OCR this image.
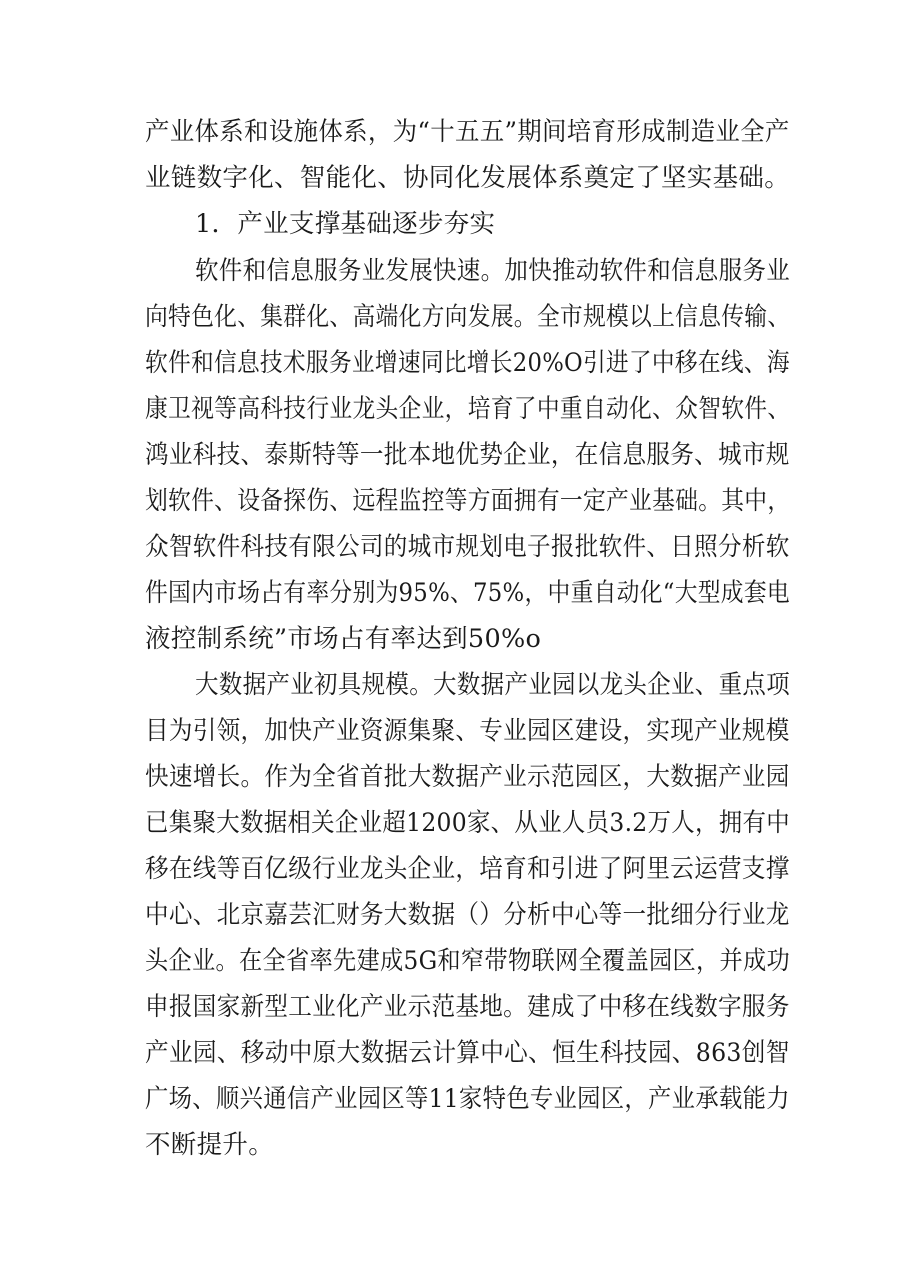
产业体系和设施体系，为“十五五”期间培育形成制造业全产
业链数字化、智能化、协同化发展体系奠定了坚实基础。
1．产业支撑基础逐步夯实
软件和信息服务业发展快速。加快推动软件和信息服务业
向特色化、集群化、高端化方向发展。全市规模以上信息传输、
软件和信息技术服务业增速同比增长20%O引进了中移在线、海
康卫视等高科技行业龙头企业，培育了中重自动化、众智软件、
鸿业科技、泰斯特等一批本地优势企业，在信息服务、城市规
划软件、设备探伤、远程监控等方面拥有一定产业基础。其中，
众智软件科技有限公司的城市规划电子报批软件、日照分析软
件国内市场占有率分别为95%、75%，中重自动化“大型成套电
液控制系统”市场占有率达到50%o
大数据产业初具规模。大数据产业园以龙头企业、重点项
目为引领，加快产业资源集聚、专业园区建设，实现产业规模
快速增长。作为全省首批大数据产业示范园区，大数据产业园
已集聚大数据相关企业超1200家、从业人员3.2万人，拥有中
移在线等百亿级行业龙头企业，培育和引进了阿里云运营支撑
中心、北京嘉芸汇财务大数据（）分析中心等一批细分行业龙
头企业。在全省率先建成5G和窄带物联网全覆盖园区，并成功
申报国家新型工业化产业示范基地。建成了中移在线数字服务
产业园、移动中原大数据云计算中心、恒生科技园、863创智
广场、顺兴通信产业园区等11家特色专业园区，产业承载能力
不断提升。
